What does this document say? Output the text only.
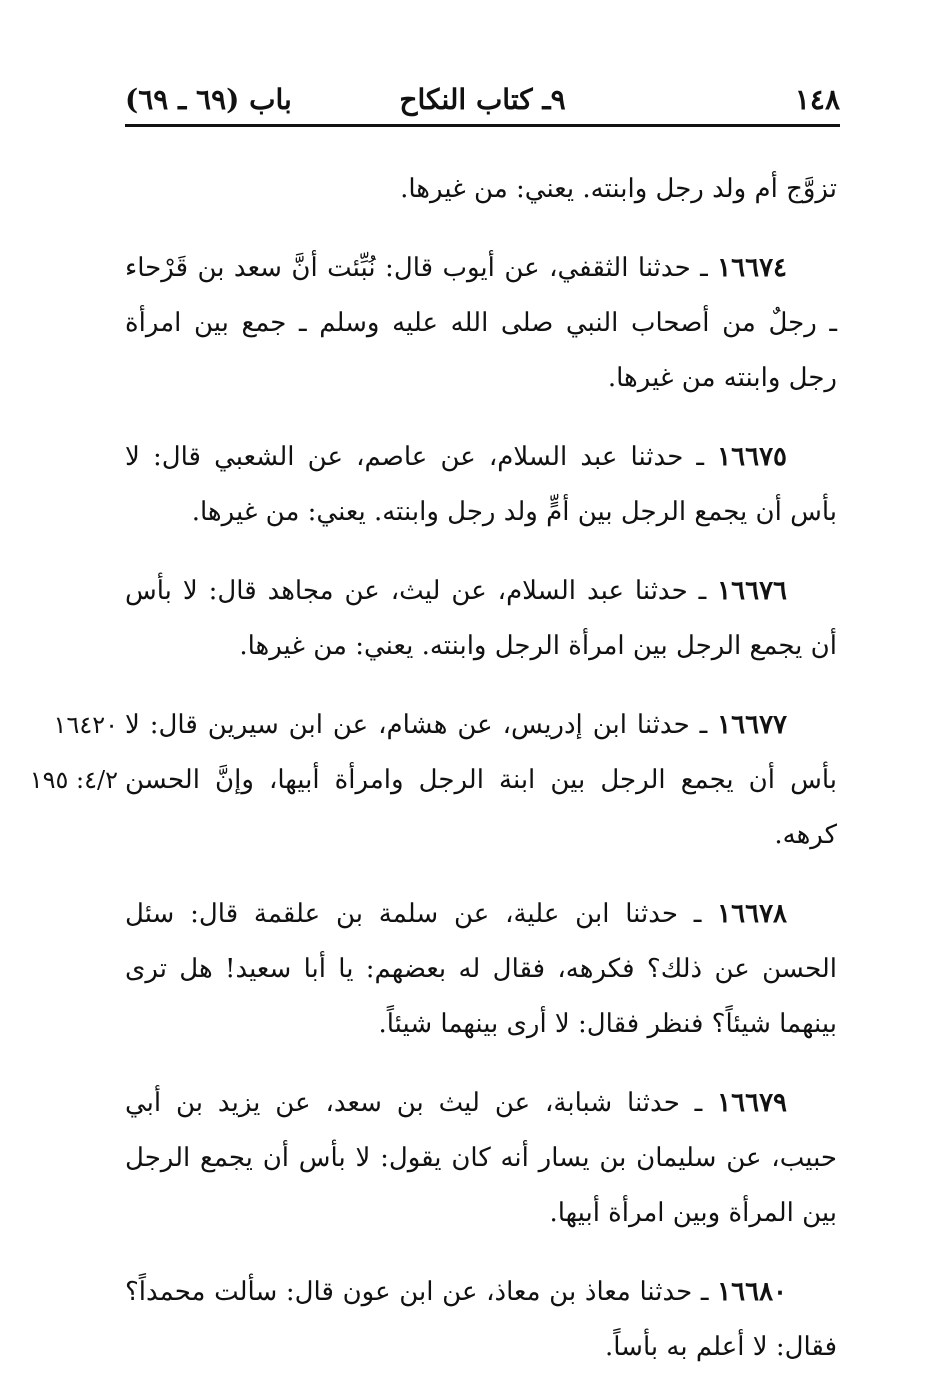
١٤٨
٩ـ كتاب النكاح
باب (٦٩ ـ ٦٩)

تزوَّج أم ولد رجل وابنته. يعني: من غيرها.

١٦٦٧٤ ـ حدثنا الثقفي، عن أيوب قال: نُبِّئت أنَّ سعد بن قَرْحاء ـ رجلٌ من أصحاب النبي صلى الله عليه وسلم ـ جمع بين امرأة رجل وابنته من غيرها.

١٦٦٧٥ ـ حدثنا عبد السلام، عن عاصم، عن الشعبي قال: لا بأس أن يجمع الرجل بين أمٍّ ولد رجل وابنته. يعني: من غيرها.

١٦٦٧٦ ـ حدثنا عبد السلام، عن ليث، عن مجاهد قال: لا بأس أن يجمع الرجل بين امرأة الرجل وابنته. يعني: من غيرها.

١٦٦٧٧ ـ حدثنا ابن إدريس، عن هشام، عن ابن سيرين قال: لا بأس أن يجمع الرجل بين ابنة الرجل وامرأة أبيها، وإنَّ الحسن كرهه.

١٦٦٧٨ ـ حدثنا ابن علية، عن سلمة بن علقمة قال: سئل الحسن عن ذلك؟ فكرهه، فقال له بعضهم: يا أبا سعيد! هل ترى بينهما شيئاً؟ فنظر فقال: لا أرى بينهما شيئاً.

١٦٦٧٩ ـ حدثنا شبابة، عن ليث بن سعد، عن يزيد بن أبي حبيب، عن سليمان بن يسار أنه كان يقول: لا بأس أن يجمع الرجل بين المرأة وبين امرأة أبيها.

١٦٦٨٠ ـ حدثنا معاذ بن معاذ، عن ابن عون قال: سألت محمداً؟ فقال: لا أعلم به بأساً.

١٦٤٢٠
٤/٢: ١٩٥
